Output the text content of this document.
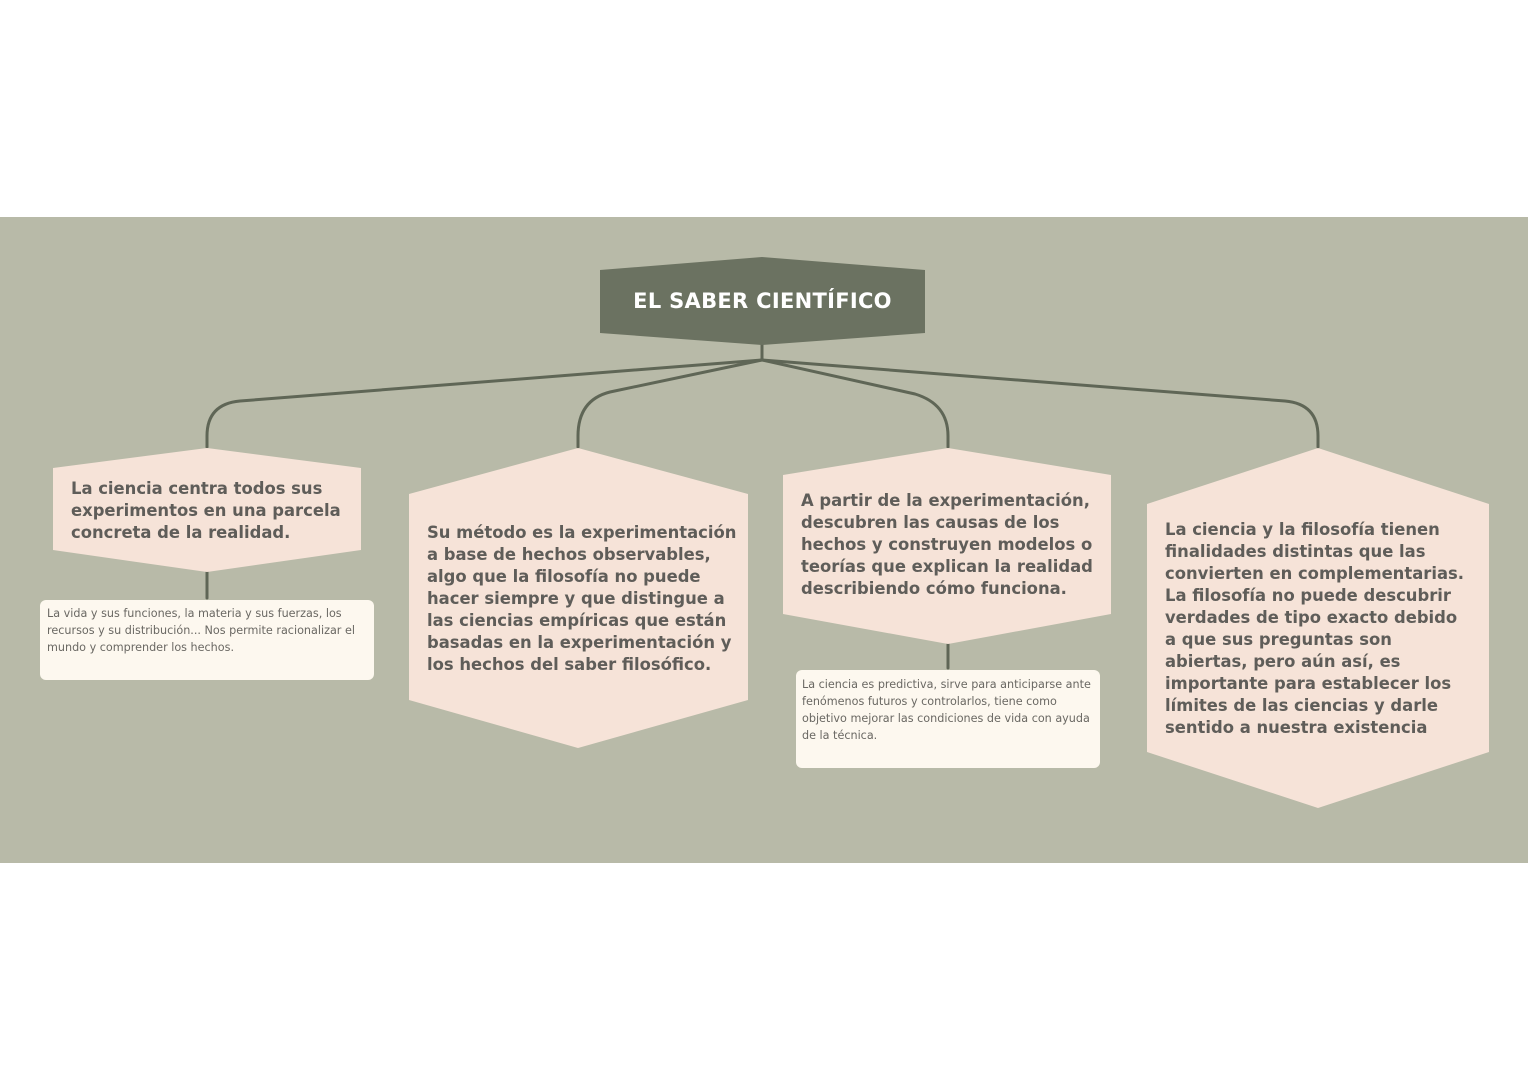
EL SABER CIENTÍFICO

La ciencia centra todos sus experimentos en una parcela concreta de la realidad.	Su método es la experimentación a base de hechos observables, algo que la filosofía no puede hacer siempre y que distingue a las ciencias empíricas que están basadas en la experimentación y los hechos del saber filosófico.

A partir de la experimentación, descubren las causas de los hechos y construyen modelos o teorías que explican la realidad describiendo cómo funciona.

La ciencia y la filosofía tienen finalidades distintas que las convierten en complementarias. La filosofía no puede descubrir verdades de tipo exacto debido a que sus preguntas son abiertas, pero aún así, es importante para establecer los límites de las ciencias y darle sentido a nuestra existencia

La vida y sus funciones, la materia y sus fuerzas, los recursos y su distribución... Nos permite racionalizar el mundo y comprender los hechos.

La ciencia es predictiva, sirve para anticiparse ante fenómenos futuros y controlarlos, tiene como objetivo mejorar las condiciones de vida con ayuda de la técnica.
